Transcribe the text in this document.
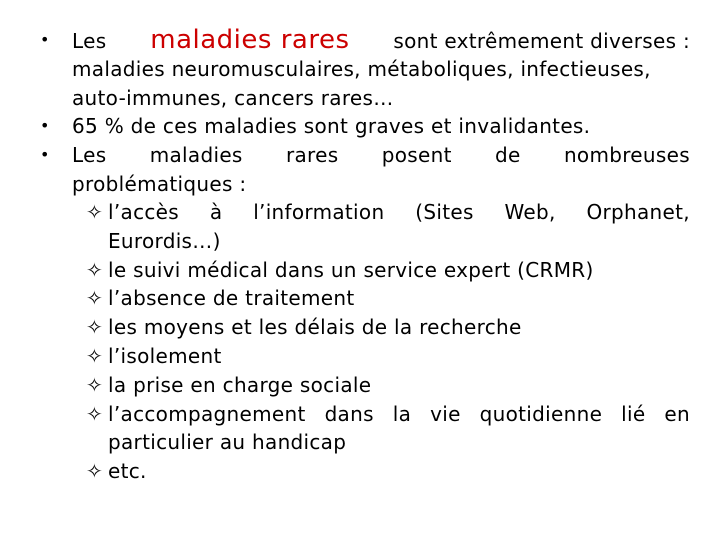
• Les maladies rares sont extrêmement diverses :
maladies neuromusculaires, métaboliques, infectieuses,
auto-immunes, cancers rares…
• 65 % de ces maladies sont graves et invalidantes.
• Les maladies rares posent de nombreuses
problématiques :
✧ l’accès à l’information (Sites Web, Orphanet,
Eurordis…)
✧ le suivi médical dans un service expert (CRMR)
✧ l’absence de traitement
✧ les moyens et les délais de la recherche
✧ l’isolement
✧ la prise en charge sociale
✧ l’accompagnement dans la vie quotidienne lié en
particulier au handicap
✧ etc.
